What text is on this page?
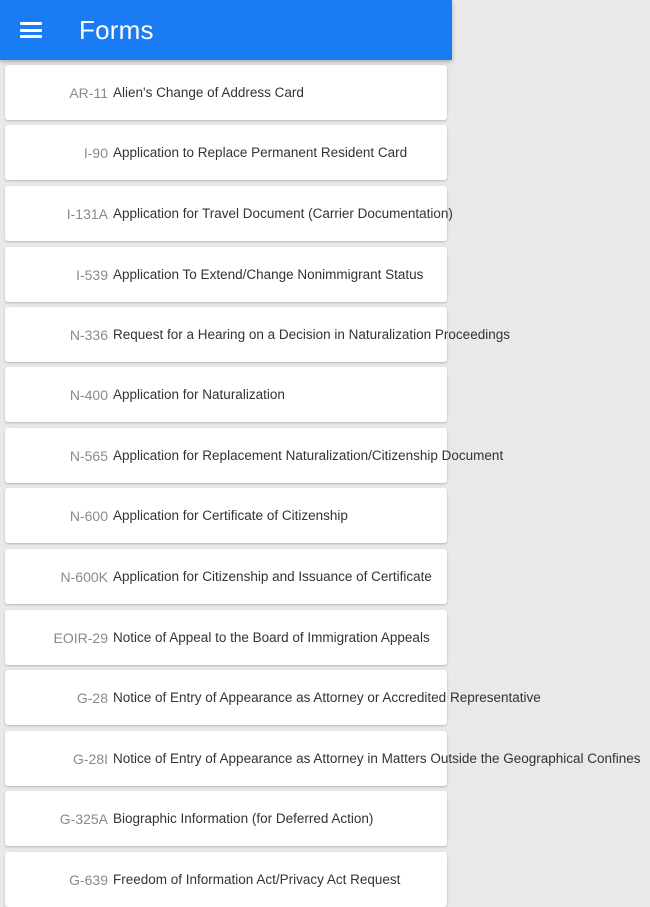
Forms
AR-11 Alien's Change of Address Card
I-90 Application to Replace Permanent Resident Card
I-131A Application for Travel Document (Carrier Documentation)
I-539 Application To Extend/Change Nonimmigrant Status
N-336 Request for a Hearing on a Decision in Naturalization Proceedings
N-400 Application for Naturalization
N-565 Application for Replacement Naturalization/Citizenship Document
N-600 Application for Certificate of Citizenship
N-600K Application for Citizenship and Issuance of Certificate
EOIR-29 Notice of Appeal to the Board of Immigration Appeals
G-28 Notice of Entry of Appearance as Attorney or Accredited Representative
G-28I Notice of Entry of Appearance as Attorney in Matters Outside the Geographical Confines
G-325A Biographic Information (for Deferred Action)
G-639 Freedom of Information Act/Privacy Act Request
